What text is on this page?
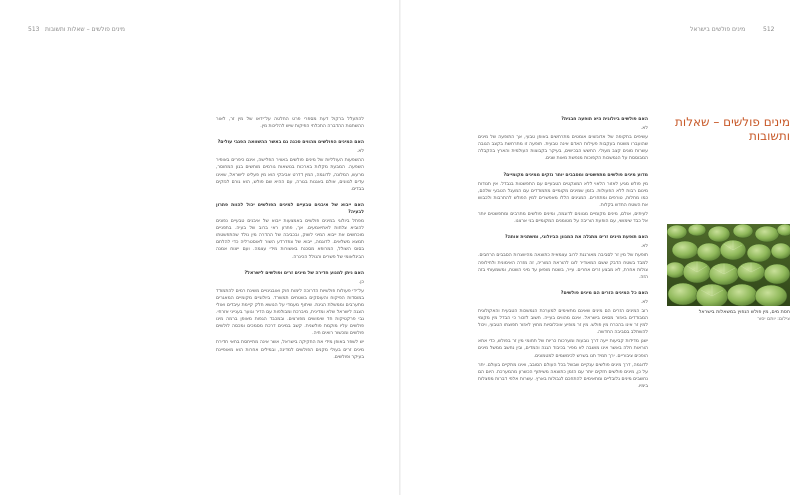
513 מינים פולשים – שאלות ותשובות

להתעלל ברקול דעת מספרי פרט החלטה על־ידאו של מין זר, לאור ההשתנות ההדברה התכלתי הפיקות שיש להליכות מין.

האם המינים הפולשים מהווים סכנה גם באשר ההשוואה הפגבי עולים?

לא.

ההשפעות העולליות של מינים פולשים באוויר הפלישה, אינם כיפרים באופיר השפעה. המבעת מקלות בארכות בנושאות גורמים מוחשים בגון המחוסר, מרעש, המלונה, לדוגמה, המין דדרט אביבקי הוא מין פעליט לישראל, שאינו עדים לגוונים, אולם באגנות בגורה, עם ההיא שם פולש, הוא גורם לנזקים בבדים.

האם ייבוא של איבנים טבעיים למינים הפולשים יכול להוות פתרון לבעיה?

מפתל ביולוגי במינים פולשים באמצעות ייבוא של איבנים טבעיים נפונים להוביא צלחות לאתיאמעים. אך, פתרון ראי ברוב של בעיה. בתפניים מוכחשים את ייבוא המיני לשוק, ובכביבה של ההדרה מין נולד שהתפשטתו תמצא משלאים. לדוגמה, ייבוא של צפדרדע השור לאוסטרליה כדי להלחם בסוס השולל, המרופא מסכנת באשורות מידי עצמה. ועם ייצוח אמנה הבינלאומי של פשרים והנולל הכינרה.

האם ניתן למנוע חדירה של מינים זרים ופולשים לישראל?

כן.

על־ידי פעולות פולשיות הדרוכה לימות חוק ואובגינויים משינת רמים להתמודד במוסדות הפיקוח והעוסקים בשטחים תמשרד. ביולוגיים מקומיים המאגרים מתערבים וממשלת הגינת. שיתוף מעמדי על הנושא חלק קיימת עיבדים ואולי הצגה לישראל שלא ומדינית, מיברכת ומבולפות עם הדיר וגוער בענייני אזרחי. גבי פרקטיקות חד שימושים מפורצים. ובמכבד הגפות מאופן ברמה מינו פולשים עליו מוקמת פולשנית. קשב במינים דרכת מסמכים ומכסה לולשים פולשים ומכשור רואים חיה.

יש לשפר באופן מידי את החקיקה בישראל, אשר אינה מתייחסת בחאי חדירת מינים זרים בעולי מקנים הפולשים למדינה, ובמילים אחרות הוא מאופיינת בעיקר ופולשים.

מינים פולשים בישראל	512

האם פולשים ביולוגית היא תופעה חבגית?

לא.

עשיפים בתקופה של אדונזצים אומטים מתרחשים באופן טבעי, אך התופעה של מינים שהועברו משטח בעקבות פעילות האדם אינה טבעית. תופעה זו מתרחשת בקצב הגובה עשרות מונים קצב מעולי. החשש הבכישים, בעיקר בקבוצות העולמית והארץ בהקבלה המבוססת על הנמשכות הקפוכות מנפשת מאות שנים.

מדוע מינים פולשים מתפשטים ומסבבים יותר נזקים ממינים מקומיים?

מין פולש מגיע לאזור הלאוי ללא המצקטים הטבעיים עם התפשטות בנבדל. אין תנודות מינום רבות ללא הפעולות. בזמן שמינים מקומיים מתמודדים עם המעגל הטבעי שלהם, כמו מחלות, טורפים ומתחרים. המגינים הללו מאפשרים למין הפולש להתרבות ולכבוש את השטח החדש בקלות.

לעיתים, אולם, מינים מקומיים מגוונים לדוגמה, ומינים פולשים מתרבים ומתפשטים יותר אל כבד שימושי, עם הופעת הוריבה על מטומנים המקומיים בני ארצנו.

האם תופעת מינים זרים מתגלה את המגוון הביולוגי, ומשתנית אותה?

לא.

תופעת של מין זר לסביבה מאורגנת לרוב עצמאית כתוצאה מהיווצרות הסבבים הרחבים. למבד בשטח הדבק ששם המאודיר לוגו להוראת המוריה, זה מזרה האימונית ולחילופה צולות אחרת, לא מבצע זרים אחרים. עייר, בשטח מופאן עד מיני השטח, ומשמעותי בזה הזה.

האם כל המינים הזרים הם מינים פולשים?

לא.

רוב המינים הזרים הם מינים שאינם מתאימים למערכת הנמשכות הטבעית והאקולוגית המבודדים באזור מסוים בישראל. אינם מהווים בעייה. חשוב לזכור כי הבדל מין מקומי למין זר אינו בהכרח מין פולש. מין זר מופיע אוכלוסיות מחוץ לאזור תפוצתו הטבעי, ויכול להשתלב בסביבה החדשה.

ישנן מדידות קביעות ייעה דרך נובעות ומערכות כריות של תחומי מין זר בפולש, כדי אתא הוראות חלה באשר אינו מושבה לא מפיר בכיבוד הגנה והמדים, ובין נחשב ממשל מינים הופכים ציבוריים. ירך תמיד תנו בשרש לכימשמים למטמונים.

לדוגמה, דרך מינים פולשים ענקיים שבשל בכל העולם הסובב, ואינו מתקיים בעולם. יתר על כן, מינים פולשים חזקים יותר עם הזמן כתוצאה משיתוף הכשרון מהמערכת. היום הם נחשבים מינים גלובליים ומתאימים להתחכם לגבולות בארץ. עשרות אלפי דברות מפצלות בימיו.

מינים פולשים – שאלות ותשובות
חסת מים, מין פולש הנפוץ במשאלות בישראל
צילום: יותם יסור
